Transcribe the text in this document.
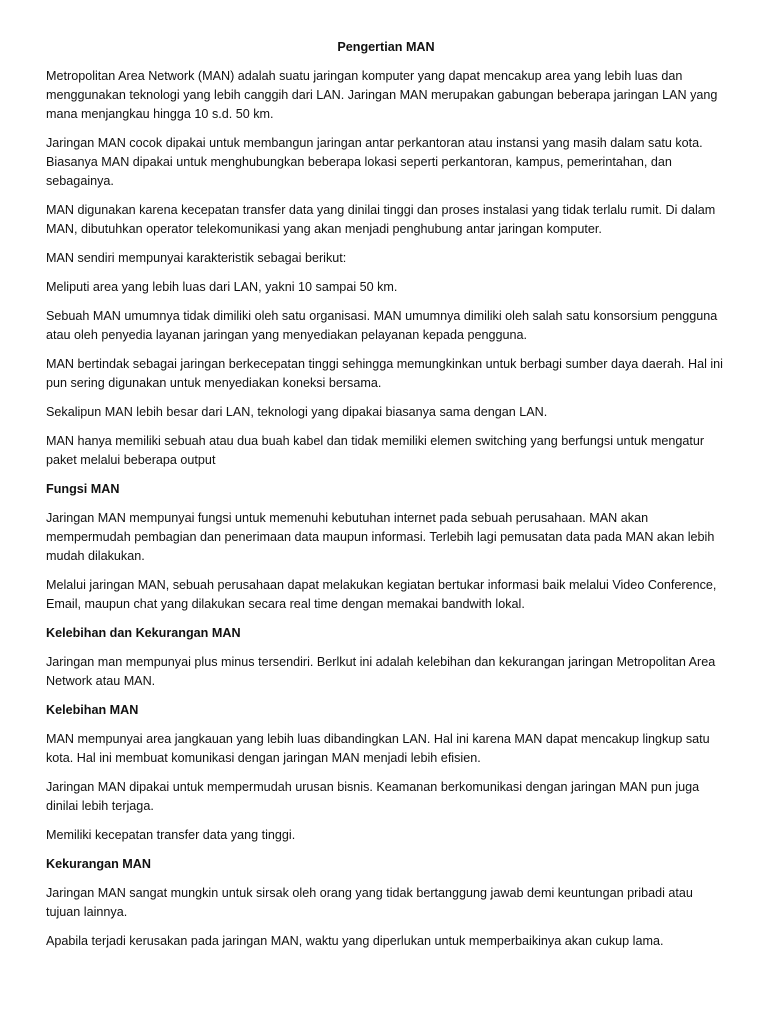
Pengertian MAN
Metropolitan Area Network (MAN) adalah suatu jaringan komputer yang dapat mencakup area yang lebih luas dan menggunakan teknologi yang lebih canggih dari LAN. Jaringan MAN merupakan gabungan beberapa jaringan LAN yang mana menjangkau hingga 10 s.d. 50 km.
Jaringan MAN cocok dipakai untuk membangun jaringan antar perkantoran atau instansi yang masih dalam satu kota. Biasanya MAN dipakai untuk menghubungkan beberapa lokasi seperti perkantoran, kampus, pemerintahan, dan sebagainya.
MAN digunakan karena kecepatan transfer data yang dinilai tinggi dan proses instalasi yang tidak terlalu rumit. Di dalam MAN, dibutuhkan operator telekomunikasi yang akan menjadi penghubung antar jaringan komputer.
MAN sendiri mempunyai karakteristik sebagai berikut:
Meliputi area yang lebih luas dari LAN, yakni 10 sampai 50 km.
Sebuah MAN umumnya tidak dimiliki oleh satu organisasi. MAN umumnya dimiliki oleh salah satu konsorsium pengguna atau oleh penyedia layanan jaringan yang menyediakan pelayanan kepada pengguna.
MAN bertindak sebagai jaringan berkecepatan tinggi sehingga memungkinkan untuk berbagi sumber daya daerah. Hal ini pun sering digunakan untuk menyediakan koneksi bersama.
Sekalipun MAN lebih besar dari LAN, teknologi yang dipakai biasanya sama dengan LAN.
MAN hanya memiliki sebuah atau dua buah kabel dan tidak memiliki elemen switching yang berfungsi untuk mengatur paket melalui beberapa output
Fungsi MAN
Jaringan MAN mempunyai fungsi untuk memenuhi kebutuhan internet pada sebuah perusahaan. MAN akan mempermudah pembagian dan penerimaan data maupun informasi. Terlebih lagi pemusatan data pada MAN akan lebih mudah dilakukan.
Melalui jaringan MAN, sebuah perusahaan dapat melakukan kegiatan bertukar informasi baik melalui Video Conference, Email, maupun chat yang dilakukan secara real time dengan memakai bandwith lokal.
Kelebihan dan Kekurangan MAN
Jaringan man mempunyai plus minus tersendiri. Berlkut ini adalah kelebihan dan kekurangan jaringan Metropolitan Area Network atau MAN.
Kelebihan MAN
MAN mempunyai area jangkauan yang lebih luas dibandingkan LAN. Hal ini karena MAN dapat mencakup lingkup satu kota. Hal ini membuat komunikasi dengan jaringan MAN menjadi lebih efisien.
Jaringan MAN dipakai untuk mempermudah urusan bisnis. Keamanan berkomunikasi dengan jaringan MAN pun juga dinilai lebih terjaga.
Memiliki kecepatan transfer data yang tinggi.
Kekurangan MAN
Jaringan MAN sangat mungkin untuk sirsak oleh orang yang tidak bertanggung jawab demi keuntungan pribadi atau tujuan lainnya.
Apabila terjadi kerusakan pada jaringan MAN, waktu yang diperlukan untuk memperbaikinya akan cukup lama.
